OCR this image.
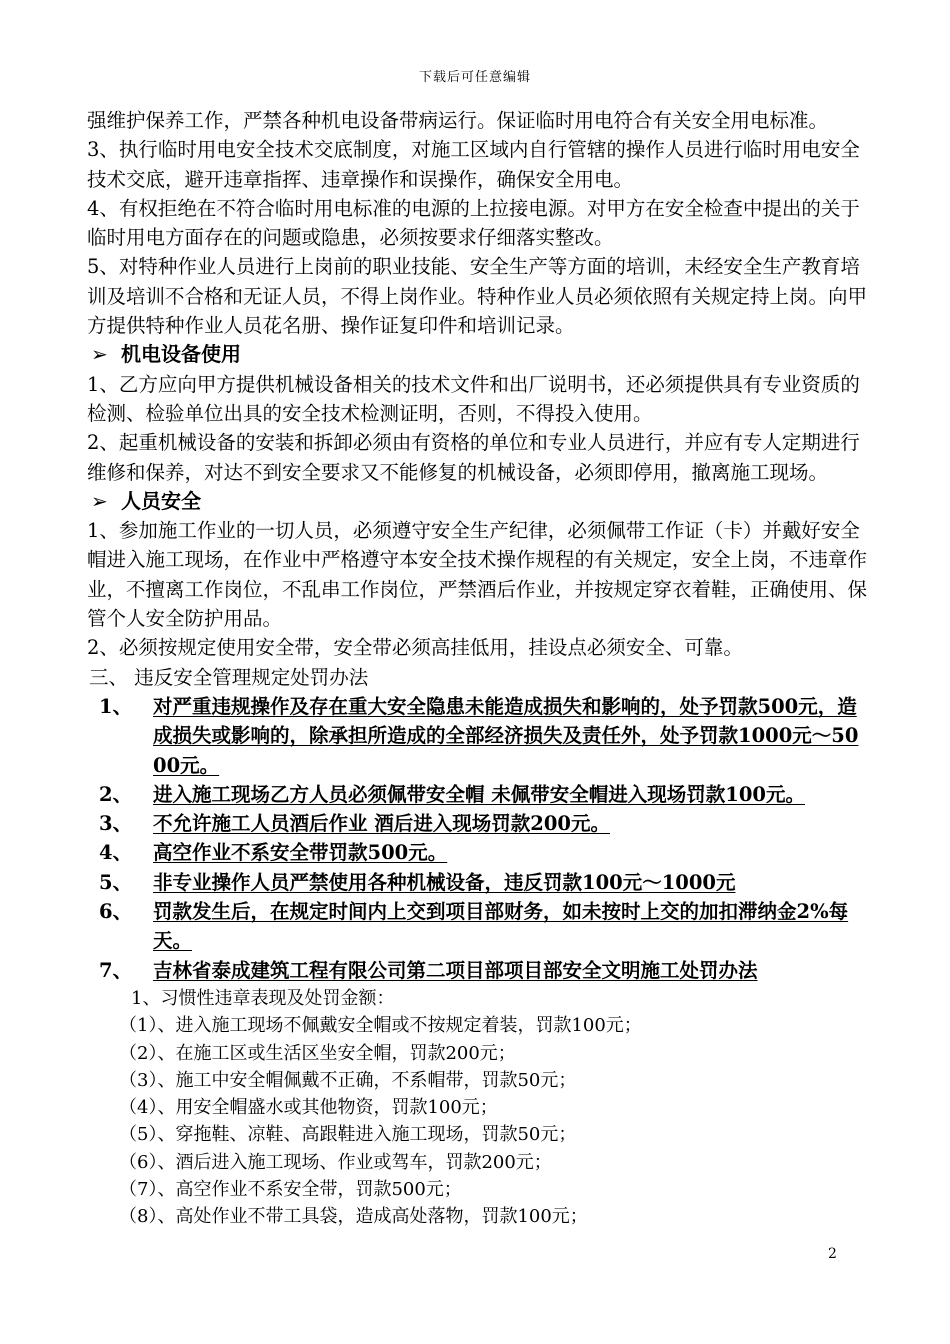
下载后可任意编辑

强维护保养工作，严禁各种机电设备带病运行。保证临时用电符合有关安全用电标准。

3、执行临时用电安全技术交底制度，对施工区域内自行管辖的操作人员进行临时用电安全技术交底，避开违章指挥、违章操作和误操作，确保安全用电。

4、有权拒绝在不符合临时用电标准的电源的上拉接电源。对甲方在安全检查中提出的关于临时用电方面存在的问题或隐患，必须按要求仔细落实整改。

5、对特种作业人员进行上岗前的职业技能、安全生产等方面的培训，未经安全生产教育培训及培训不合格和无证人员，不得上岗作业。特种作业人员必须依照有关规定持上岗。向甲方提供特种作业人员花名册、操作证复印件和培训记录。

➢ 机电设备使用

1、乙方应向甲方提供机械设备相关的技术文件和出厂说明书，还必须提供具有专业资质的检测、检验单位出具的安全技术检测证明，否则，不得投入使用。

2、起重机械设备的安装和拆卸必须由有资格的单位和专业人员进行，并应有专人定期进行维修和保养，对达不到安全要求又不能修复的机械设备，必须即停用，撤离施工现场。

➢ 人员安全

1、参加施工作业的一切人员，必须遵守安全生产纪律，必须佩带工作证（卡）并戴好安全帽进入施工现场，在作业中严格遵守本安全技术操作规程的有关规定，安全上岗，不违章作业，不擅离工作岗位，不乱串工作岗位，严禁酒后作业，并按规定穿衣着鞋，正确使用、保管个人安全防护用品。

2、必须按规定使用安全带，安全带必须高挂低用，挂设点必须安全、可靠。

三、 违反安全管理规定处罚办法

1、	对严重违规操作及存在重大安全隐患未能造成损失和影响的，处予罚款500元，造成损失或影响的，除承担所造成的全部经济损失及责任外，处予罚款1000元～5000元。
2、	进入施工现场乙方人员必须佩带安全帽 未佩带安全帽进入现场罚款100元。
3、	不允许施工人员酒后作业 酒后进入现场罚款200元。
4、	高空作业不系安全带罚款500元。
5、	非专业操作人员严禁使用各种机械设备，违反罚款100元～1000元
6、	罚款发生后，在规定时间内上交到项目部财务，如未按时上交的加扣滞纳金2%每天。
7、	吉林省泰成建筑工程有限公司第二项目部项目部安全文明施工处罚办法

1、习惯性违章表现及处罚金额：

（1）、进入施工现场不佩戴安全帽或不按规定着装，罚款100元；

（2）、在施工区或生活区坐安全帽，罚款200元；

（3）、施工中安全帽佩戴不正确，不系帽带，罚款50元；

（4）、用安全帽盛水或其他物资，罚款100元；

（5）、穿拖鞋、凉鞋、高跟鞋进入施工现场，罚款50元；

（6）、酒后进入施工现场、作业或驾车，罚款200元；

（7）、高空作业不系安全带，罚款500元；

（8）、高处作业不带工具袋，造成高处落物，罚款100元；

2
